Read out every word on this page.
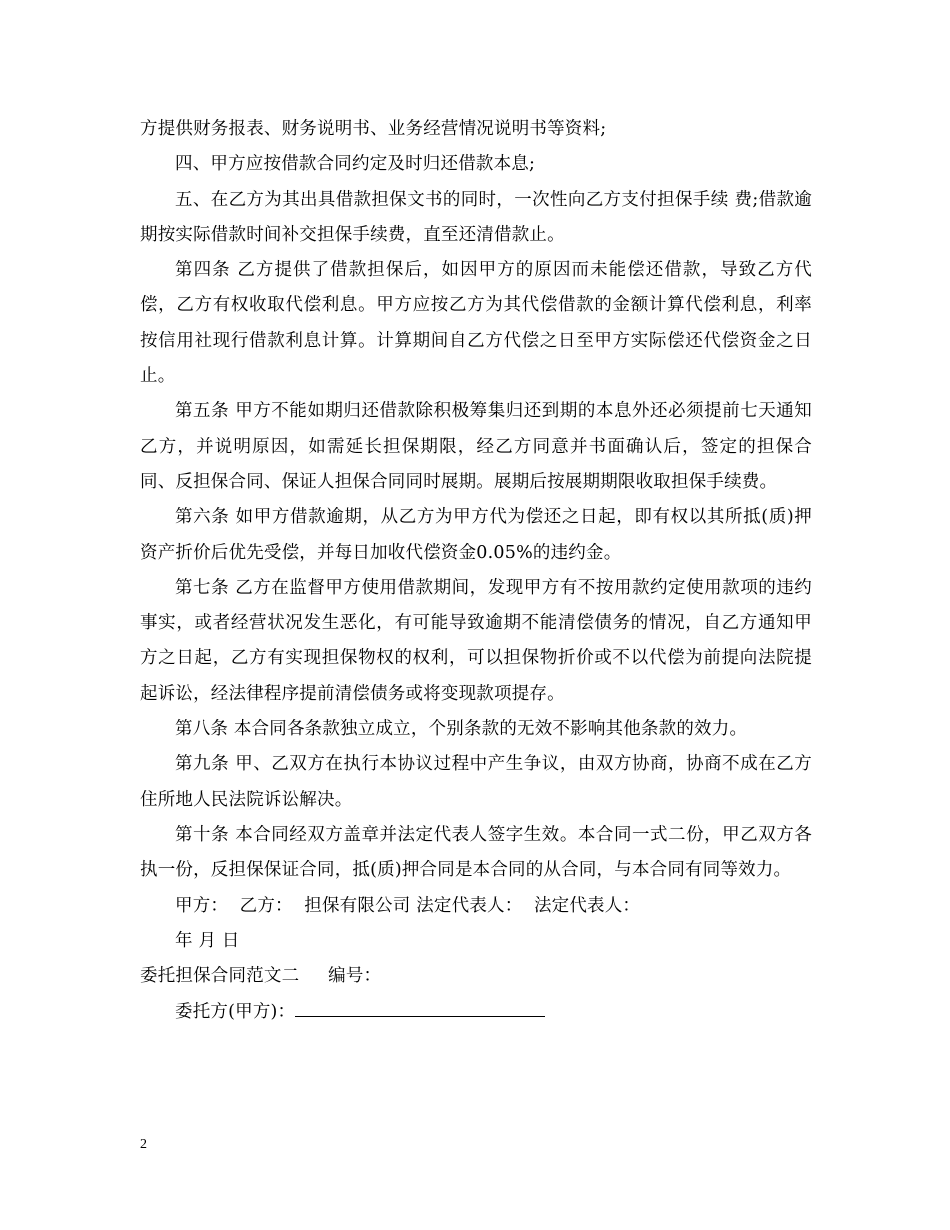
方提供财务报表、财务说明书、业务经营情况说明书等资料;

四、甲方应按借款合同约定及时归还借款本息;

五、在乙方为其出具借款担保文书的同时，一次性向乙方支付担保手续 费;借款逾期按实际借款时间补交担保手续费，直至还清借款止。

第四条 乙方提供了借款担保后，如因甲方的原因而未能偿还借款，导致乙方代偿，乙方有权收取代偿利息。甲方应按乙方为其代偿借款的金额计算代偿利息，利率按信用社现行借款利息计算。计算期间自乙方代偿之日至甲方实际偿还代偿资金之日止。

第五条 甲方不能如期归还借款除积极筹集归还到期的本息外还必须提前七天通知乙方，并说明原因，如需延长担保期限，经乙方同意并书面确认后，签定的担保合同、反担保合同、保证人担保合同同时展期。展期后按展期期限收取担保手续费。

第六条 如甲方借款逾期，从乙方为甲方代为偿还之日起，即有权以其所抵(质)押资产折价后优先受偿，并每日加收代偿资金0.05%的违约金。

第七条 乙方在监督甲方使用借款期间，发现甲方有不按用款约定使用款项的违约事实，或者经营状况发生恶化，有可能导致逾期不能清偿债务的情况，自乙方通知甲方之日起，乙方有实现担保物权的权利，可以担保物折价或不以代偿为前提向法院提起诉讼，经法律程序提前清偿债务或将变现款项提存。

第八条 本合同各条款独立成立，个别条款的无效不影响其他条款的效力。

第九条 甲、乙双方在执行本协议过程中产生争议，由双方协商，协商不成在乙方住所地人民法院诉讼解决。

第十条 本合同经双方盖章并法定代表人签字生效。本合同一式二份，甲乙双方各执一份，反担保保证合同，抵(质)押合同是本合同的从合同，与本合同有同等效力。

甲方：  乙方：  担保有限公司 法定代表人：  法定代表人：

年 月 日

委托担保合同范文二     编号：

委托方(甲方)：

2
